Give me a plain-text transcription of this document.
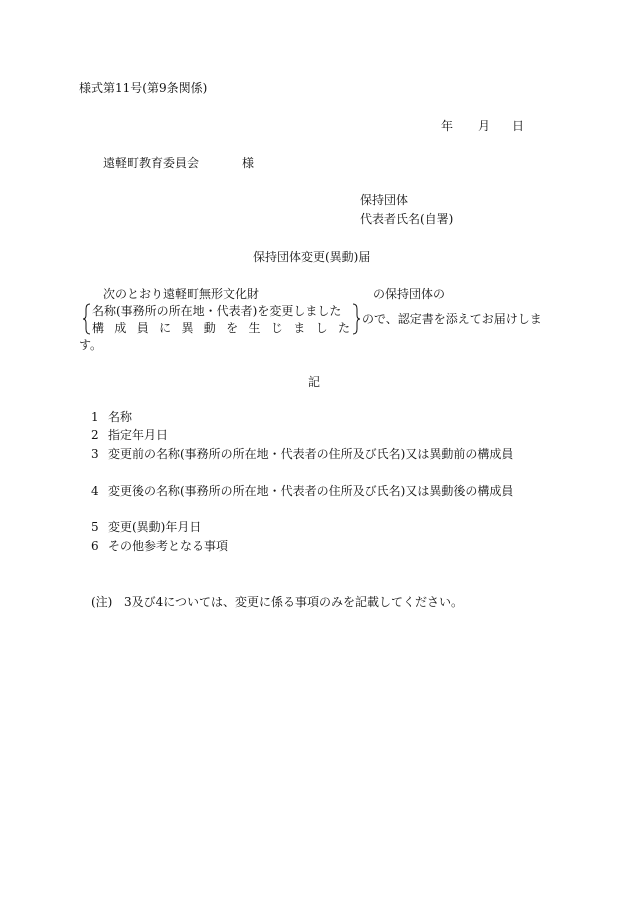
様式第11号(第9条関係)
年 月 日
遠軽町教育委員会	様
保持団体
代表者氏名(自署)
保持団体変更(異動)届
次のとおり遠軽町無形文化財	の保持団体の
名称(事務所の所在地・代表者)を変更しました
構 成 員 に 異 動 を 生 じ ま し た
ので、認定書を添えてお届けしま
す。
記
1 名称
2 指定年月日
3 変更前の名称(事務所の所在地・代表者の住所及び氏名)又は異動前の構成員
4 変更後の名称(事務所の所在地・代表者の住所及び氏名)又は異動後の構成員
5 変更(異動)年月日
6 その他参考となる事項
(注) 3及び4については、変更に係る事項のみを記載してください。
